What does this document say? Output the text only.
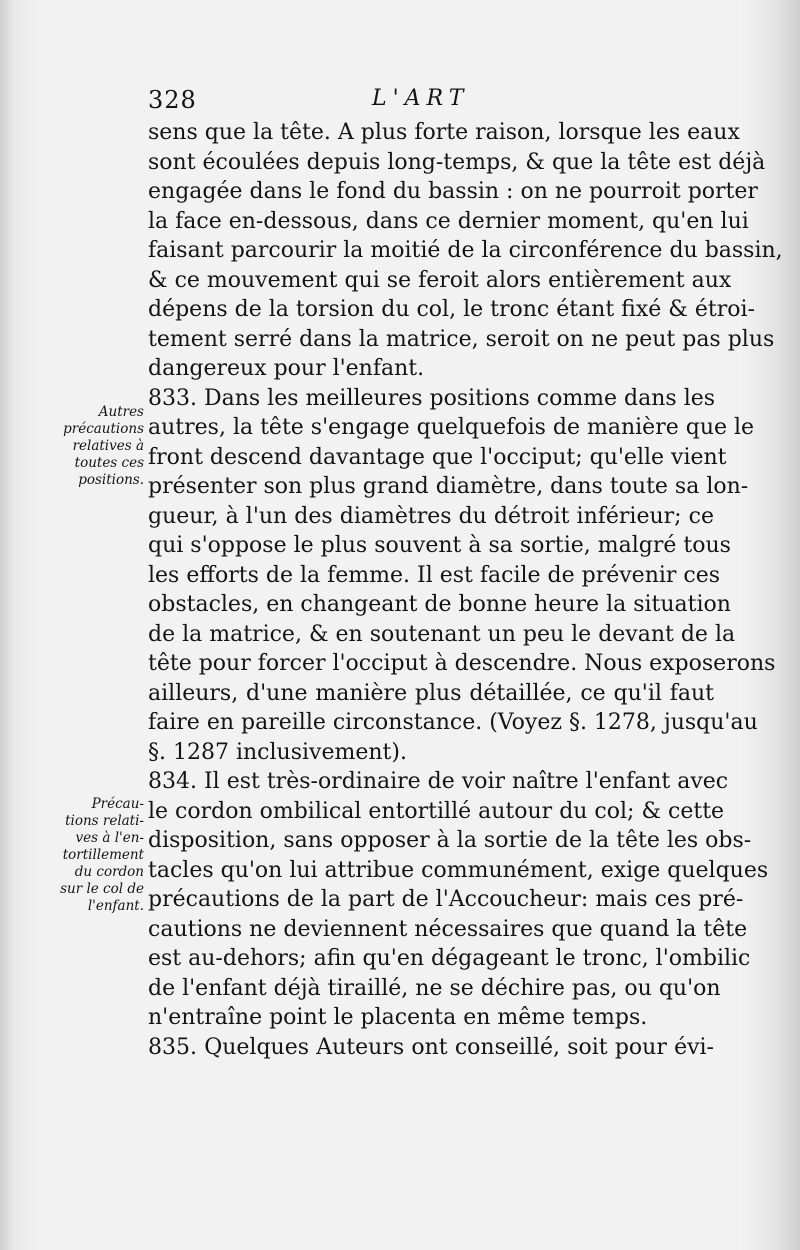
328	L'ART
Autres
précautions
relatives à
toutes ces
positions.
Précau-
tions relati-
ves à l'en-
tortillement
du cordon
sur le col de
l'enfant.
sens que la tête. A plus forte raison, lorsque les eaux
sont écoulées depuis long-temps, & que la tête est déjà
engagée dans le fond du bassin : on ne pourroit porter
la face en-dessous, dans ce dernier moment, qu'en lui
faisant parcourir la moitié de la circonférence du bassin,
& ce mouvement qui se feroit alors entièrement aux
dépens de la torsion du col, le tronc étant fixé & étroi-
tement serré dans la matrice, seroit on ne peut pas plus
dangereux pour l'enfant.
833. Dans les meilleures positions comme dans les
autres, la tête s'engage quelquefois de manière que le
front descend davantage que l'occiput; qu'elle vient
présenter son plus grand diamètre, dans toute sa lon-
gueur, à l'un des diamètres du détroit inférieur; ce
qui s'oppose le plus souvent à sa sortie, malgré tous
les efforts de la femme. Il est facile de prévenir ces
obstacles, en changeant de bonne heure la situation
de la matrice, & en soutenant un peu le devant de la
tête pour forcer l'occiput à descendre. Nous exposerons
ailleurs, d'une manière plus détaillée, ce qu'il faut
faire en pareille circonstance. (Voyez §. 1278, jusqu'au
§. 1287 inclusivement).
834. Il est très-ordinaire de voir naître l'enfant avec
le cordon ombilical entortillé autour du col; & cette
disposition, sans opposer à la sortie de la tête les obs-
tacles qu'on lui attribue communément, exige quelques
précautions de la part de l'Accoucheur: mais ces pré-
cautions ne deviennent nécessaires que quand la tête
est au-dehors; afin qu'en dégageant le tronc, l'ombilic
de l'enfant déjà tiraillé, ne se déchire pas, ou qu'on
n'entraîne point le placenta en même temps.
835. Quelques Auteurs ont conseillé, soit pour évi-
